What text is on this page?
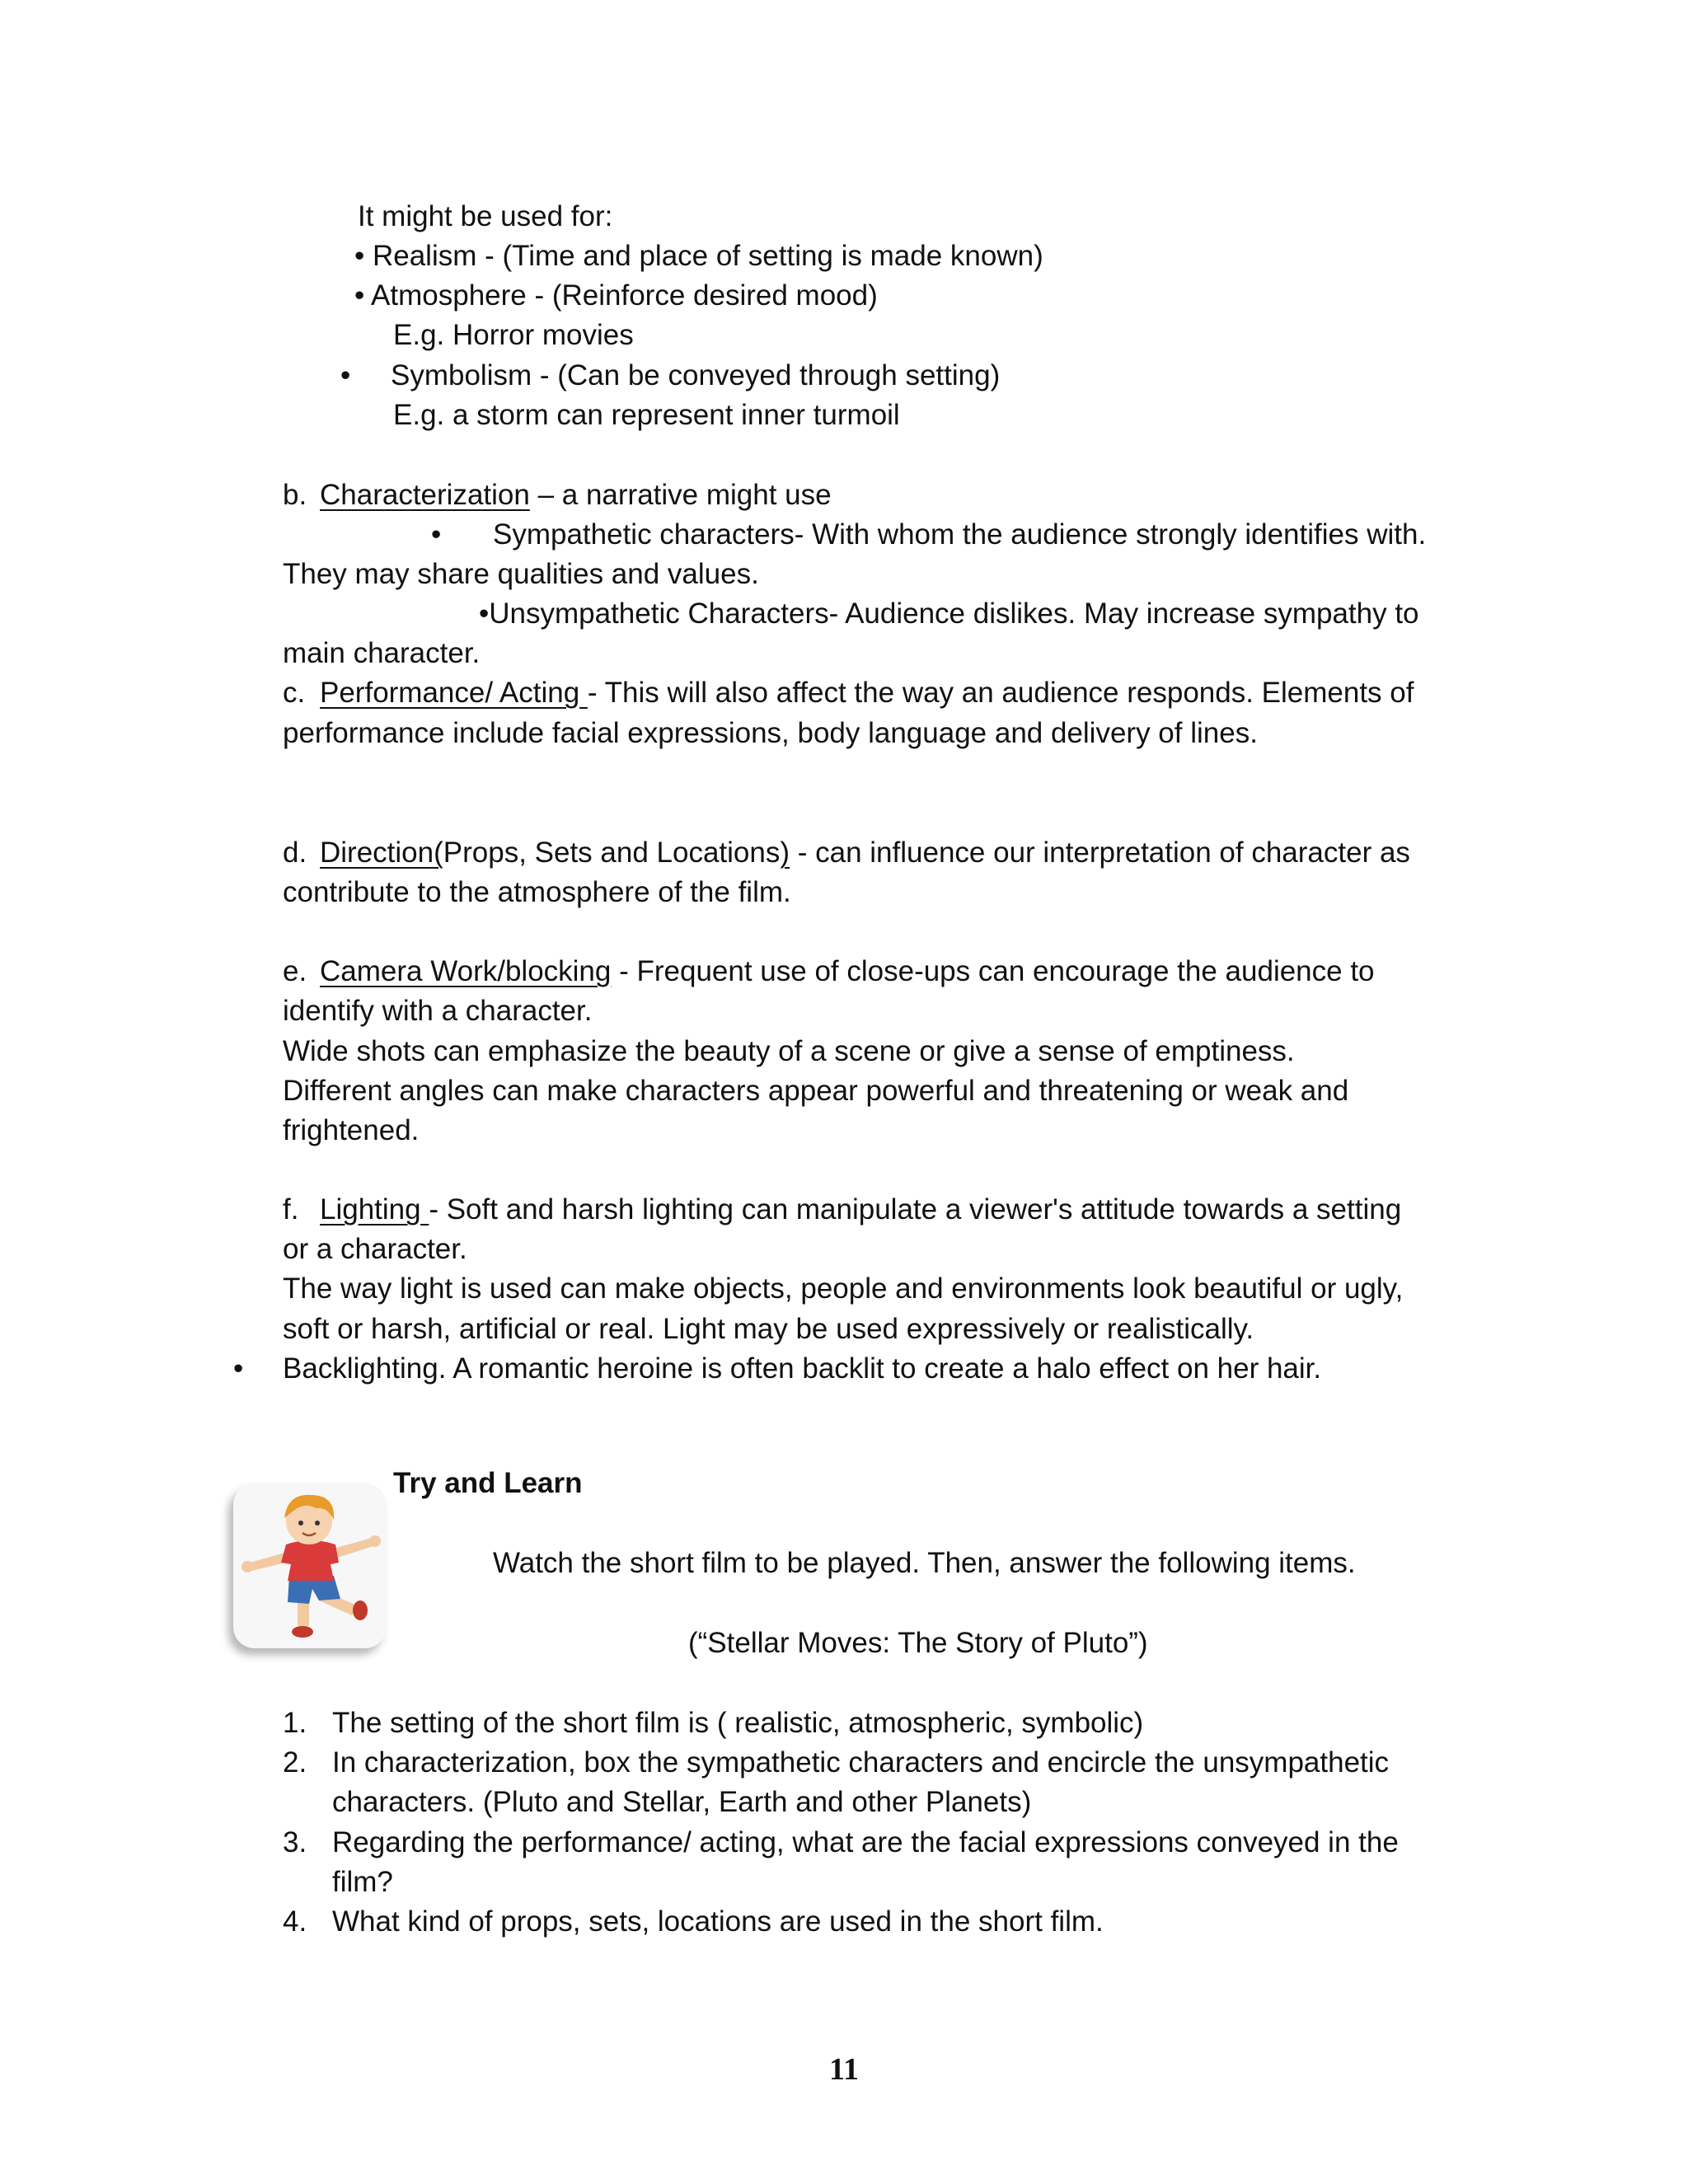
It might be used for:
• Realism - (Time and place of setting is made known)
• Atmosphere - (Reinforce desired mood)
E.g. Horror movies
• Symbolism - (Can be conveyed through setting)
E.g. a storm can represent inner turmoil
b. Characterization – a narrative might use
• Sympathetic characters- With whom the audience strongly identifies with.
They may share qualities and values.
•Unsympathetic Characters- Audience dislikes. May increase sympathy to
main character.
c. Performance/ Acting - This will also affect the way an audience responds. Elements of
performance include facial expressions, body language and delivery of lines.
d. Direction(Props, Sets and Locations) - can influence our interpretation of character as
contribute to the atmosphere of the film.
e. Camera Work/blocking - Frequent use of close-ups can encourage the audience to
identify with a character.
Wide shots can emphasize the beauty of a scene or give a sense of emptiness.
Different angles can make characters appear powerful and threatening or weak and
frightened.
f. Lighting - Soft and harsh lighting can manipulate a viewer's attitude towards a setting
or a character.
The way light is used can make objects, people and environments look beautiful or ugly,
soft or harsh, artificial or real. Light may be used expressively or realistically.
• Backlighting. A romantic heroine is often backlit to create a halo effect on her hair.
Try and Learn
Watch the short film to be played. Then, answer the following items.
(“Stellar Moves: The Story of Pluto”)
1. The setting of the short film is ( realistic, atmospheric, symbolic)
2. In characterization, box the sympathetic characters and encircle the unsympathetic
characters. (Pluto and Stellar, Earth and other Planets)
3. Regarding the performance/ acting, what are the facial expressions conveyed in the
film?
4. What kind of props, sets, locations are used in the short film.
11
